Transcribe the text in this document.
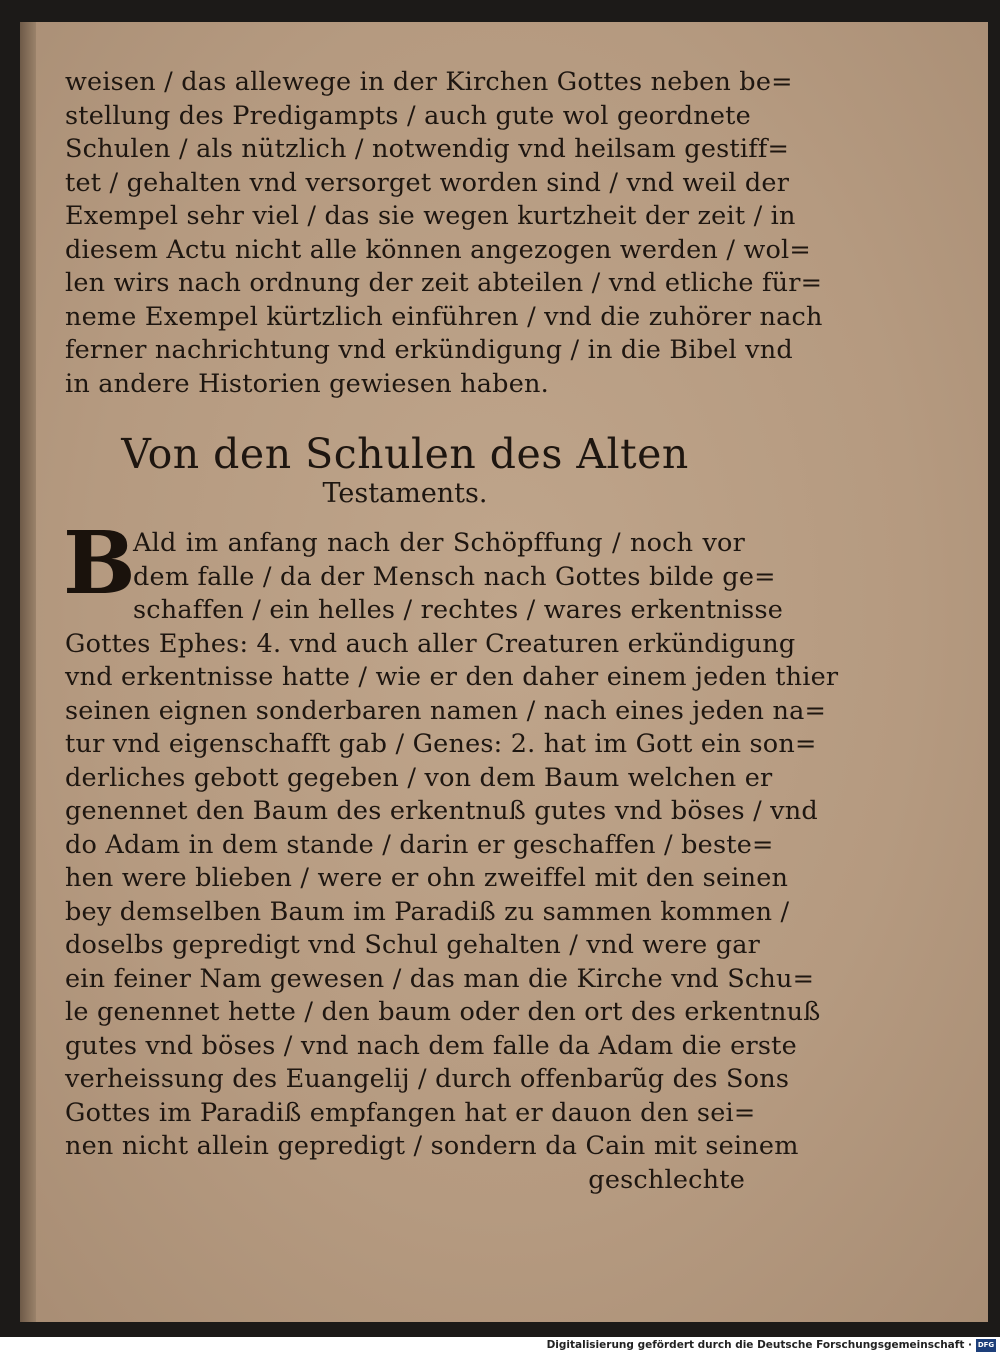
weisen / das allewege in der Kirchen Gottes neben be=
stellung des Predigampts / auch gute wol geordnete
Schulen / als nützlich / notwendig vnd heilsam gestiff=
tet / gehalten vnd versorget worden sind / vnd weil der
Exempel sehr viel / das sie wegen kurtzheit der zeit / in
diesem Actu nicht alle können angezogen werden / wol=
len wirs nach ordnung der zeit abteilen / vnd etliche für=
neme Exempel kürtzlich einführen / vnd die zuhörer nach
ferner nachrichtung vnd erkündigung / in die Bibel vnd
in andere Historien gewiesen haben.
Von den Schulen des Alten
Testaments.
B
Ald im anfang nach der Schöpffung / noch vor
dem falle / da der Mensch nach Gottes bilde ge=
schaffen / ein helles / rechtes / wares erkentnisse
Gottes Ephes: 4. vnd auch aller Creaturen erkündigung
vnd erkentnisse hatte / wie er den daher einem jeden thier
seinen eignen sonderbaren namen / nach eines jeden na=
tur vnd eigenschafft gab / Genes: 2. hat im Gott ein son=
derliches gebott gegeben / von dem Baum welchen er
genennet den Baum des erkentnuß gutes vnd böses / vnd
do Adam in dem stande / darin er geschaffen / beste=
hen were blieben / were er ohn zweiffel mit den seinen
bey demselben Baum im Paradiß zu sammen kommen /
doselbs gepredigt vnd Schul gehalten / vnd were gar
ein feiner Nam gewesen / das man die Kirche vnd Schu=
le genennet hette / den baum oder den ort des erkentnuß
gutes vnd böses / vnd nach dem falle da Adam die erste
verheissung des Euangelij / durch offenbarũg des Sons
Gottes im Paradiß empfangen hat er dauon den sei=
nen nicht allein gepredigt / sondern da Cain mit seinem
geschlechte
Digitalisierung gefördert durch die Deutsche Forschungsgemeinschaft · DFG
